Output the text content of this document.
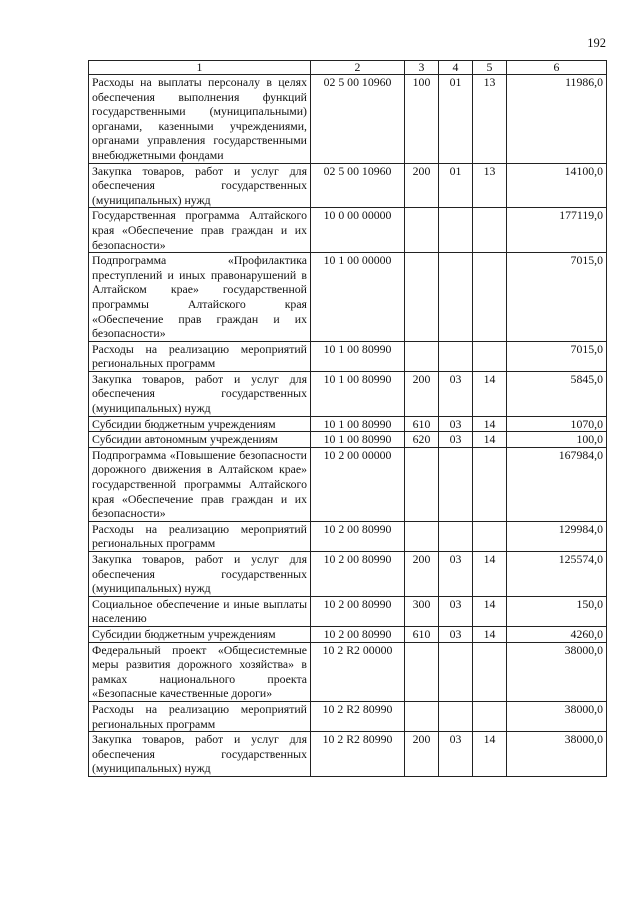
192
1	2	3	4	5	6
Расходы на выплаты персоналу в целях обеспечения выполнения функций государственными (муниципальными) органами, казенными учреждениями, органами управления государственными внебюджетными фондами	02 5 00 10960	100	01	13	11986,0
Закупка товаров, работ и услуг для обеспечения государственных (муниципальных) нужд	02 5 00 10960	200	01	13	14100,0
Государственная программа Алтайского края «Обеспечение прав граждан и их безопасности»	10 0 00 00000				177119,0
Подпрограмма «Профилактика преступлений и иных правонарушений в Алтайском крае» государственной программы Алтайского края «Обеспечение прав граждан и их безопасности»	10 1 00 00000				7015,0
Расходы на реализацию мероприятий региональных программ	10 1 00 80990				7015,0
Закупка товаров, работ и услуг для обеспечения государственных (муниципальных) нужд	10 1 00 80990	200	03	14	5845,0
Субсидии бюджетным учреждениям	10 1 00 80990	610	03	14	1070,0
Субсидии автономным учреждениям	10 1 00 80990	620	03	14	100,0
Подпрограмма «Повышение безопасности дорожного движения в Алтайском крае» государственной программы Алтайского края «Обеспечение прав граждан и их безопасности»	10 2 00 00000				167984,0
Расходы на реализацию мероприятий региональных программ	10 2 00 80990				129984,0
Закупка товаров, работ и услуг для обеспечения государственных (муниципальных) нужд	10 2 00 80990	200	03	14	125574,0
Социальное обеспечение и иные выплаты населению	10 2 00 80990	300	03	14	150,0
Субсидии бюджетным учреждениям	10 2 00 80990	610	03	14	4260,0
Федеральный проект «Общесистемные меры развития дорожного хозяйства» в рамках национального проекта «Безопасные качественные дороги»	10 2 R2 00000				38000,0
Расходы на реализацию мероприятий региональных программ	10 2 R2 80990				38000,0
Закупка товаров, работ и услуг для обеспечения государственных (муниципальных) нужд	10 2 R2 80990	200	03	14	38000,0
